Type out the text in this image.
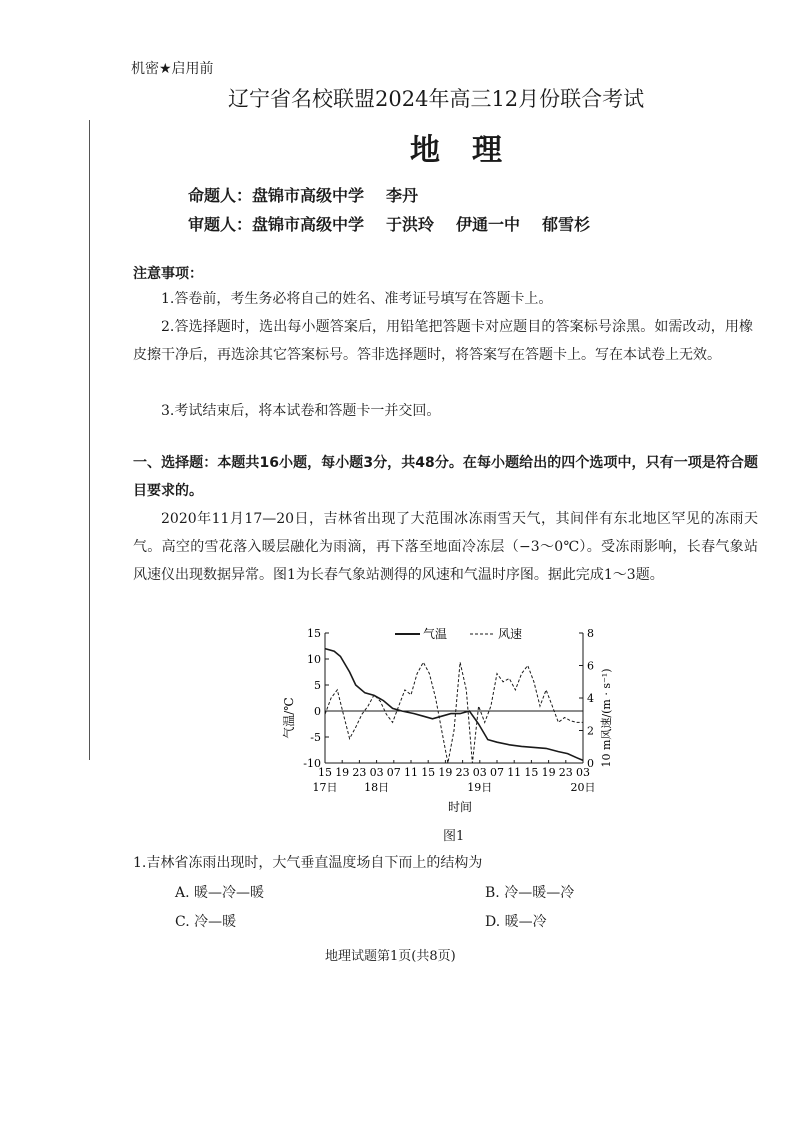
机密★启用前
辽宁省名校联盟2024年高三12月份联合考试
地理
命题人：盘锦市高级中学 李丹
审题人：盘锦市高级中学 于洪玲 伊通一中 郁雪杉
注意事项：
1.答卷前，考生务必将自己的姓名、准考证号填写在答题卡上。
2.答选择题时，选出每小题答案后，用铅笔把答题卡对应题目的答案标号涂黑。如需改动，用橡皮擦干净后，再选涂其它答案标号。答非选择题时，将答案写在答题卡上。写在本试卷上无效。
3.考试结束后，将本试卷和答题卡一并交回。
一、选择题：本题共16小题，每小题3分，共48分。在每小题给出的四个选项中，只有一项是符合题目要求的。
2020年11月17—20日，吉林省出现了大范围冰冻雨雪天气，其间伴有东北地区罕见的冻雨天气。高空的雪花落入暖层融化为雨滴，再下落至地面冷冻层（−3～0℃）。受冻雨影响，长春气象站风速仪出现数据异常。图1为长春气象站测得的风速和气温时序图。据此完成1～3题。
15
10
5
0
-5
-10
8
6
4
2
0
15 19 23 03 07 11 15 19 23 03 07 11 15 19 23 03
17日 18日	19日	20日
气温	风速
气温/℃	10 m风速/(m · s⁻¹)
时间
图1
1.吉林省冻雨出现时，大气垂直温度场自下而上的结构为
A. 暖—冷—暖	B. 冷—暖—冷
C. 冷—暖	D. 暖—冷
地理试题第1页(共8页)
